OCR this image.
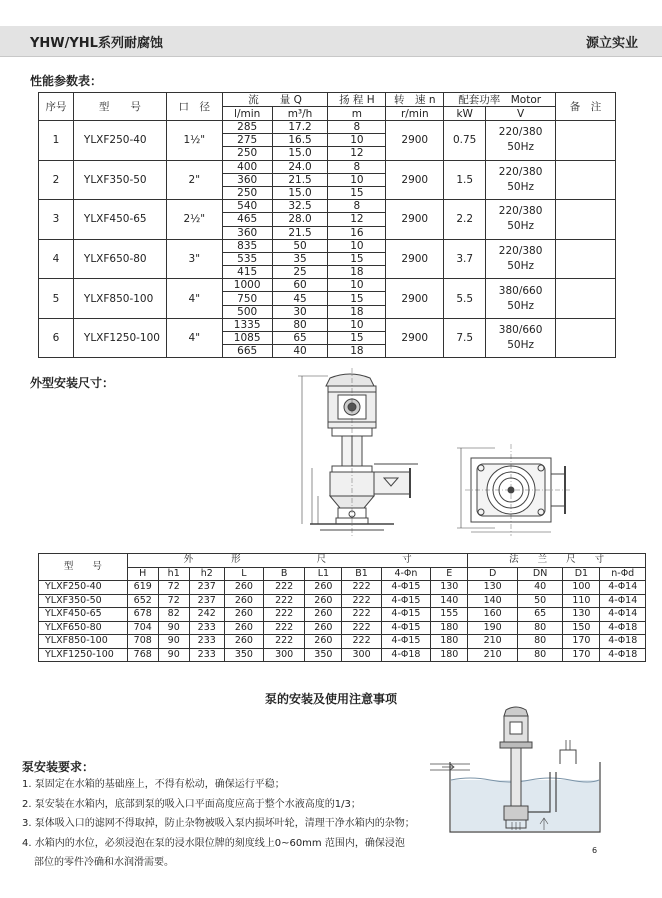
YHW/YHL系列耐腐蚀	源立实业
性能参数表：
序号	型　　号	口　径	流　　量 Q		扬 程 H	转　速 n	配套功率　Motor		备　注
			l/min	m³/h	m	r/min	kW	V	
1	YLXF250-40	1½"	285	17.2	8	2900	0.75	220/380
50Hz	

			275	16.5	10				
			250	15.0	12				
2	YLXF350-50	2"	400	24.0	8	2900	1.5	220/380
50Hz	

			360	21.5	10				
			250	15.0	15				
3	YLXF450-65	2½"	540	32.5	8	2900	2.2	220/380
50Hz	

			465	28.0	12				
			360	21.5	16				
4	YLXF650-80	3"	835	50	10	2900	3.7	220/380
50Hz	

			535	35	15				
			415	25	18				
5	YLXF850-100	4"	1000	60	10	2900	5.5	380/660
50Hz	

			750	45	15				
			500	30	18				
6	YLXF1250-100	4"	1335	80	10	2900	7.5	380/660
50Hz	

			1085	65	15				
			665	40	18				
外型安装尺寸：
型　　号	外　　　　形　　　　　　　　尺　　　　　　　　寸									法　　兰　　尺　　寸			
	H	h1	h2	L	B	L1	B1	4-Φn	E	D	DN	D1	n-Φd
YLXF250-40	619	72	237	260	222	260	222	4-Φ15	130	130	40	100	4-Φ14
YLXF350-50	652	72	237	260	222	260	222	4-Φ15	140	140	50	110	4-Φ14
YLXF450-65	678	82	242	260	222	260	222	4-Φ15	155	160	65	130	4-Φ14
YLXF650-80	704	90	233	260	222	260	222	4-Φ15	180	190	80	150	4-Φ18
YLXF850-100	708	90	233	260	222	260	222	4-Φ15	180	210	80	170	4-Φ18
YLXF1250-100	768	90	233	350	300	350	300	4-Φ18	180	210	80	170	4-Φ18
泵的安装及使用注意事项
泵安装要求：
1. 泵固定在水箱的基础座上，不得有松动，确保运行平稳；
2. 泵安装在水箱内，底部到泵的吸入口平面高度应高于整个水液高度的1/3；
3. 泵体吸入口的滤网不得取掉，防止杂物被吸入泵内损坏叶轮，清理干净水箱内的杂物；
4. 水箱内的水位，必须浸泡在泵的浸水限位牌的刻度线上0~60mm 范围内，确保浸泡
部位的零件冷确和水润滑需要。
6
